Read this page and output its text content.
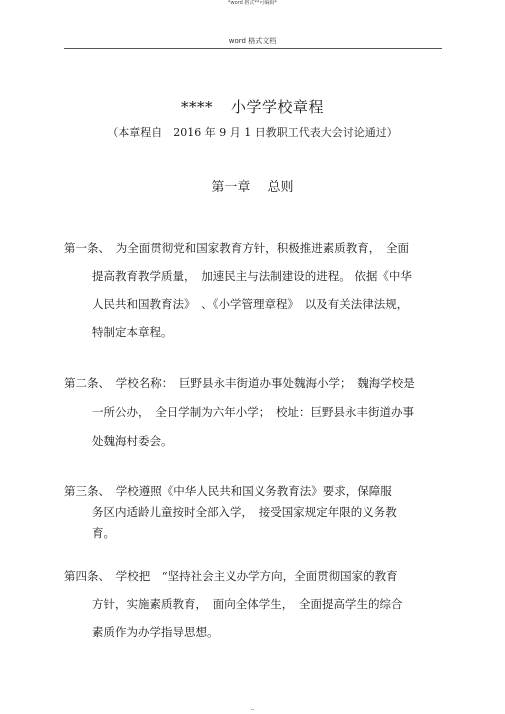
*word 格式**可编辑*
word 格式文档
**** 小学学校章程
（本章程自　2016 年 9 月 1 日教职工代表大会讨论通过）
第一章　 总则
第一条、　为全面贯彻党和国家教育方针，积极推进素质教育，　全面
提高教育教学质量，　加速民主与法制建设的进程。 依据《中华
人民共和国教育法》　、《小学管理章程》　以及有关法律法规，
特制定本章程。
第二条、　学校名称：　巨野县永丰街道办事处魏海小学；　魏海学校是
一所公办，　全日学制为六年小学；　校址：巨野县永丰街道办事
处魏海村委会。
第三条、　学校遵照《中华人民共和国义务教育法》要求，保障服
务区内适龄儿童按时全部入学，　接受国家规定年限的义务教
育。
第四条、　学校把　“坚持社会主义办学方向，全面贯彻国家的教育
方针，实施素质教育，　面向全体学生，　全面提高学生的综合
素质作为办学指导思想。
--
